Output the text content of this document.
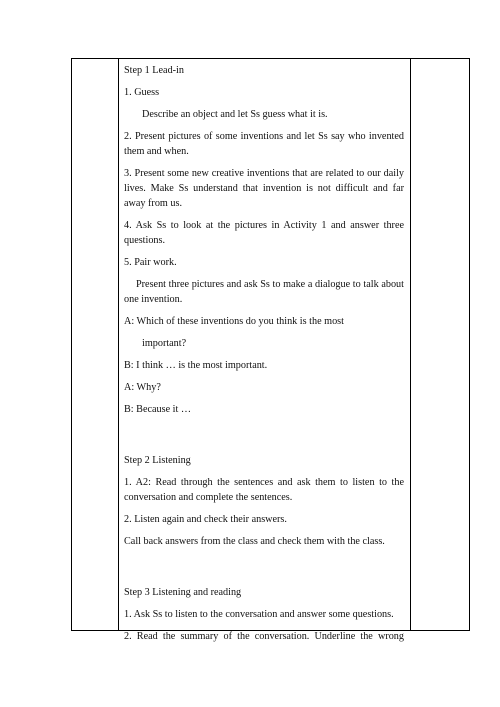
Step 1 Lead-in

1. Guess

Describe an object and let Ss guess what it is.

2. Present pictures of some inventions and let Ss say who invented them and when.

3. Present some new creative inventions that are related to our daily lives. Make Ss understand that invention is not difficult and far away from us.

4. Ask Ss to look at the pictures in Activity 1 and answer three questions.

5. Pair work.

Present three pictures and ask Ss to make a dialogue to talk about one invention.

A: Which of these inventions do you think is the most

important?

B: I think … is the most important.

A: Why?

B: Because it …

Step 2 Listening

1. A2: Read through the sentences and ask them to listen to the conversation and complete the sentences.

2. Listen again and check their answers.

Call back answers from the class and check them with the class.

Step 3 Listening and reading

1. Ask Ss to listen to the conversation and answer some questions.

2. Read the summary of the conversation. Underline the wrong
